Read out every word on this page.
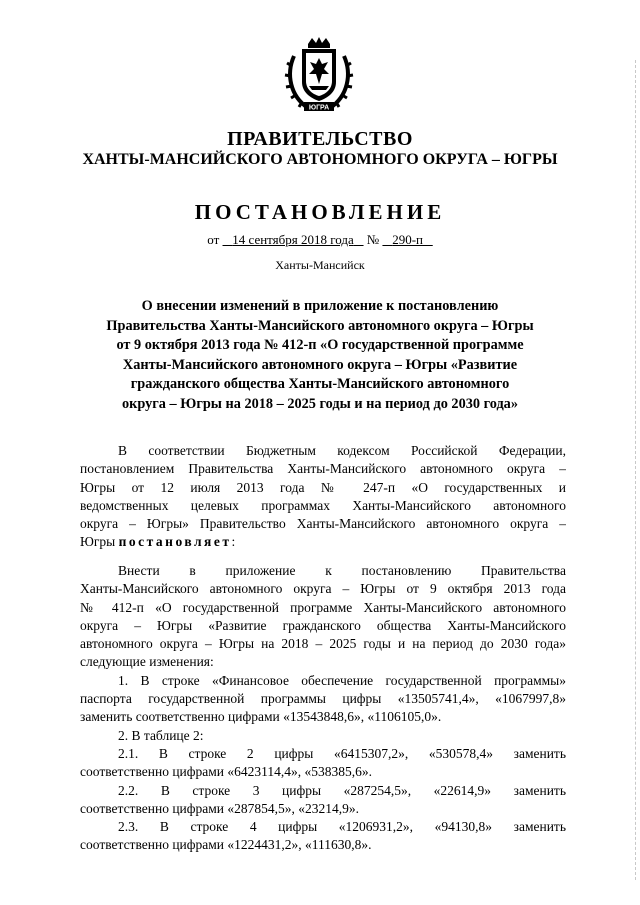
ЮГРА
ПРАВИТЕЛЬСТВО
ХАНТЫ-МАНСИЙСКОГО АВТОНОМНОГО ОКРУГА – ЮГРЫ
ПОСТАНОВЛЕНИЕ
от 14 сентября 2018 года № 290-п
Ханты-Мансийск
О внесении изменений в приложение к постановлению
Правительства Ханты-Мансийского автономного округа – Югры
от 9 октября 2013 года № 412-п «О государственной программе
Ханты-Мансийского автономного округа – Югры «Развитие
гражданского общества Ханты-Мансийского автономного
округа – Югры на 2018 – 2025 годы и на период до 2030 года»
В соответствии Бюджетным кодексом Российской Федерации,
постановлением Правительства Ханты-Мансийского автономного округа –
Югры от 12 июля 2013 года № 247-п «О государственных и
ведомственных целевых программах Ханты-Мансийского автономного
округа – Югры» Правительство Ханты-Мансийского автономного округа –
Югры постановляет:
Внести в приложение к постановлению Правительства
Ханты-Мансийского автономного округа – Югры от 9 октября 2013 года
№ 412-п «О государственной программе Ханты-Мансийского автономного
округа – Югры «Развитие гражданского общества Ханты-Мансийского
автономного округа – Югры на 2018 – 2025 годы и на период до 2030 года»
следующие изменения:
1. В строке «Финансовое обеспечение государственной программы»
паспорта государственной программы цифры «13505741,4», «1067997,8»
заменить соответственно цифрами «13543848,6», «1106105,0».
2. В таблице 2:
2.1. В строке 2 цифры «6415307,2», «530578,4» заменить
соответственно цифрами «6423114,4», «538385,6».
2.2. В строке 3 цифры «287254,5», «22614,9» заменить
соответственно цифрами «287854,5», «23214,9».
2.3. В строке 4 цифры «1206931,2», «94130,8» заменить
соответственно цифрами «1224431,2», «111630,8».
